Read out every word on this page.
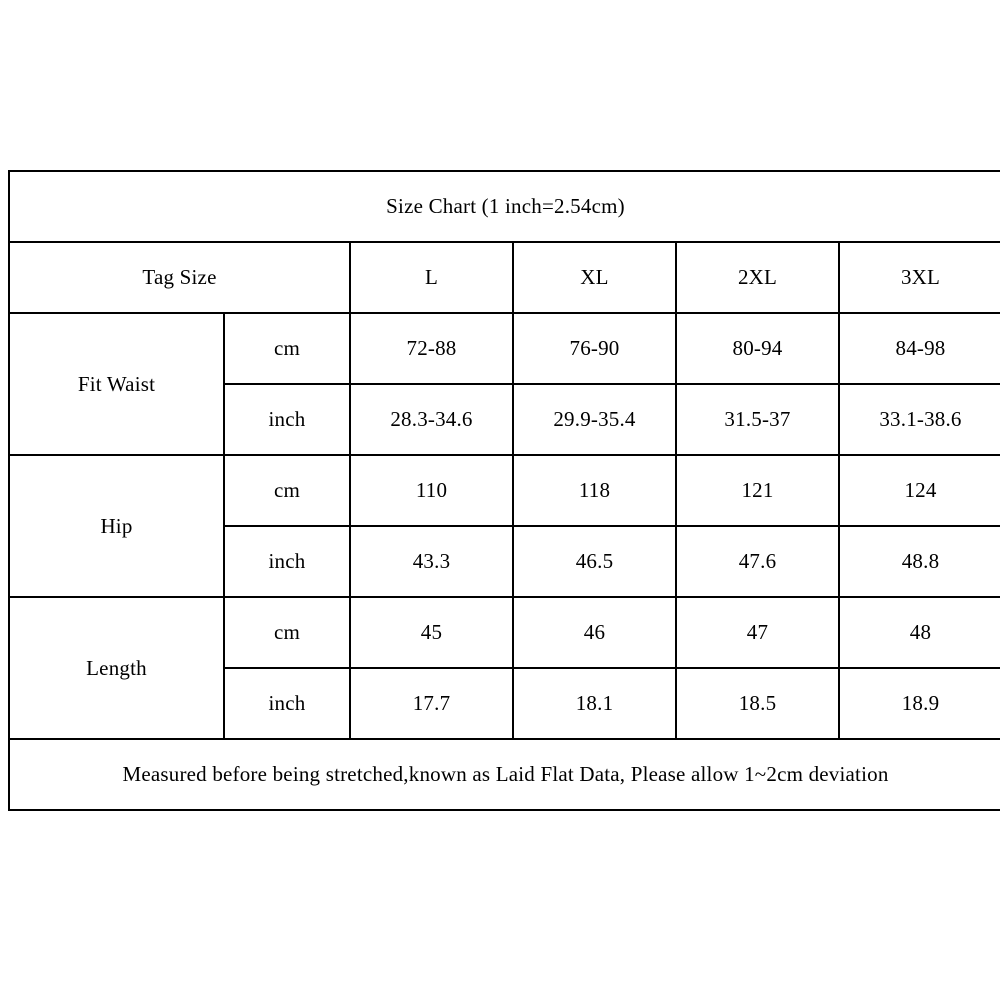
Size Chart (1 inch=2.54cm)					
Tag Size		L	XL	2XL	3XL
Fit Waist	cm	72-88	76-90	80-94	84-98
	inch	28.3-34.6	29.9-35.4	31.5-37	33.1-38.6
Hip	cm	110	118	121	124
	inch	43.3	46.5	47.6	48.8
Length	cm	45	46	47	48
	inch	17.7	18.1	18.5	18.9
Measured before being stretched,known as Laid Flat Data, Please allow 1~2cm deviation					
